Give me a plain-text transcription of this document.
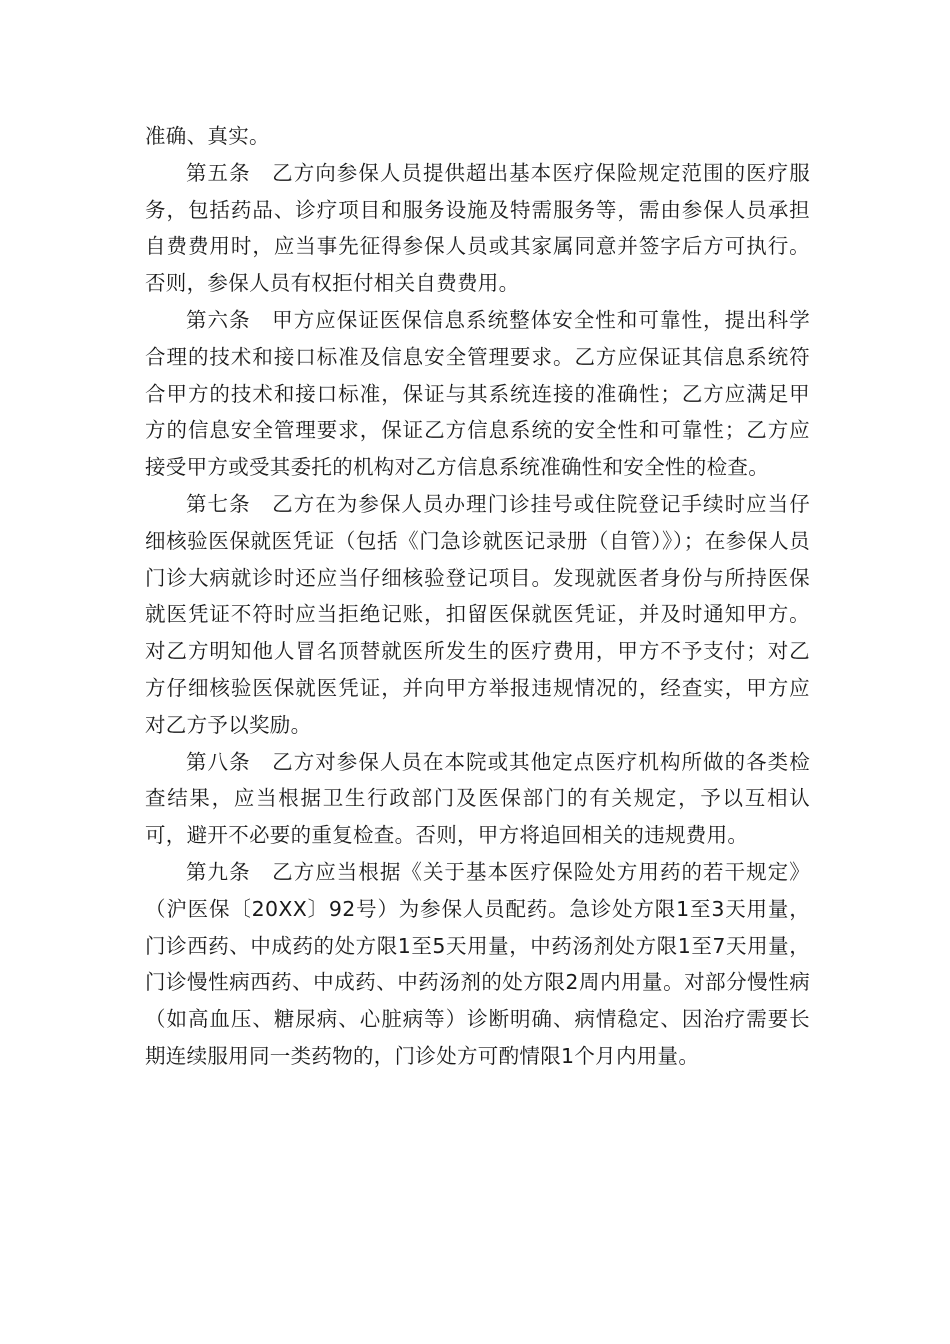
准确、真实。

第五条 乙方向参保人员提供超出基本医疗保险规定范围的医疗服务，包括药品、诊疗项目和服务设施及特需服务等，需由参保人员承担自费费用时，应当事先征得参保人员或其家属同意并签字后方可执行。否则，参保人员有权拒付相关自费费用。

第六条 甲方应保证医保信息系统整体安全性和可靠性，提出科学合理的技术和接口标准及信息安全管理要求。乙方应保证其信息系统符合甲方的技术和接口标准，保证与其系统连接的准确性；乙方应满足甲方的信息安全管理要求，保证乙方信息系统的安全性和可靠性；乙方应接受甲方或受其委托的机构对乙方信息系统准确性和安全性的检查。

第七条 乙方在为参保人员办理门诊挂号或住院登记手续时应当仔细核验医保就医凭证（包括《门急诊就医记录册（自管）》）；在参保人员门诊大病就诊时还应当仔细核验登记项目。发现就医者身份与所持医保就医凭证不符时应当拒绝记账，扣留医保就医凭证，并及时通知甲方。对乙方明知他人冒名顶替就医所发生的医疗费用，甲方不予支付；对乙方仔细核验医保就医凭证，并向甲方举报违规情况的，经查实，甲方应对乙方予以奖励。

第八条 乙方对参保人员在本院或其他定点医疗机构所做的各类检查结果，应当根据卫生行政部门及医保部门的有关规定，予以互相认可，避开不必要的重复检查。否则，甲方将追回相关的违规费用。

第九条 乙方应当根据《关于基本医疗保险处方用药的若干规定》（沪医保〔20XX〕92号）为参保人员配药。急诊处方限1至3天用量，门诊西药、中成药的处方限1至5天用量，中药汤剂处方限1至7天用量，门诊慢性病西药、中成药、中药汤剂的处方限2周内用量。对部分慢性病（如高血压、糖尿病、心脏病等）诊断明确、病情稳定、因治疗需要长期连续服用同一类药物的，门诊处方可酌情限1个月内用量。
